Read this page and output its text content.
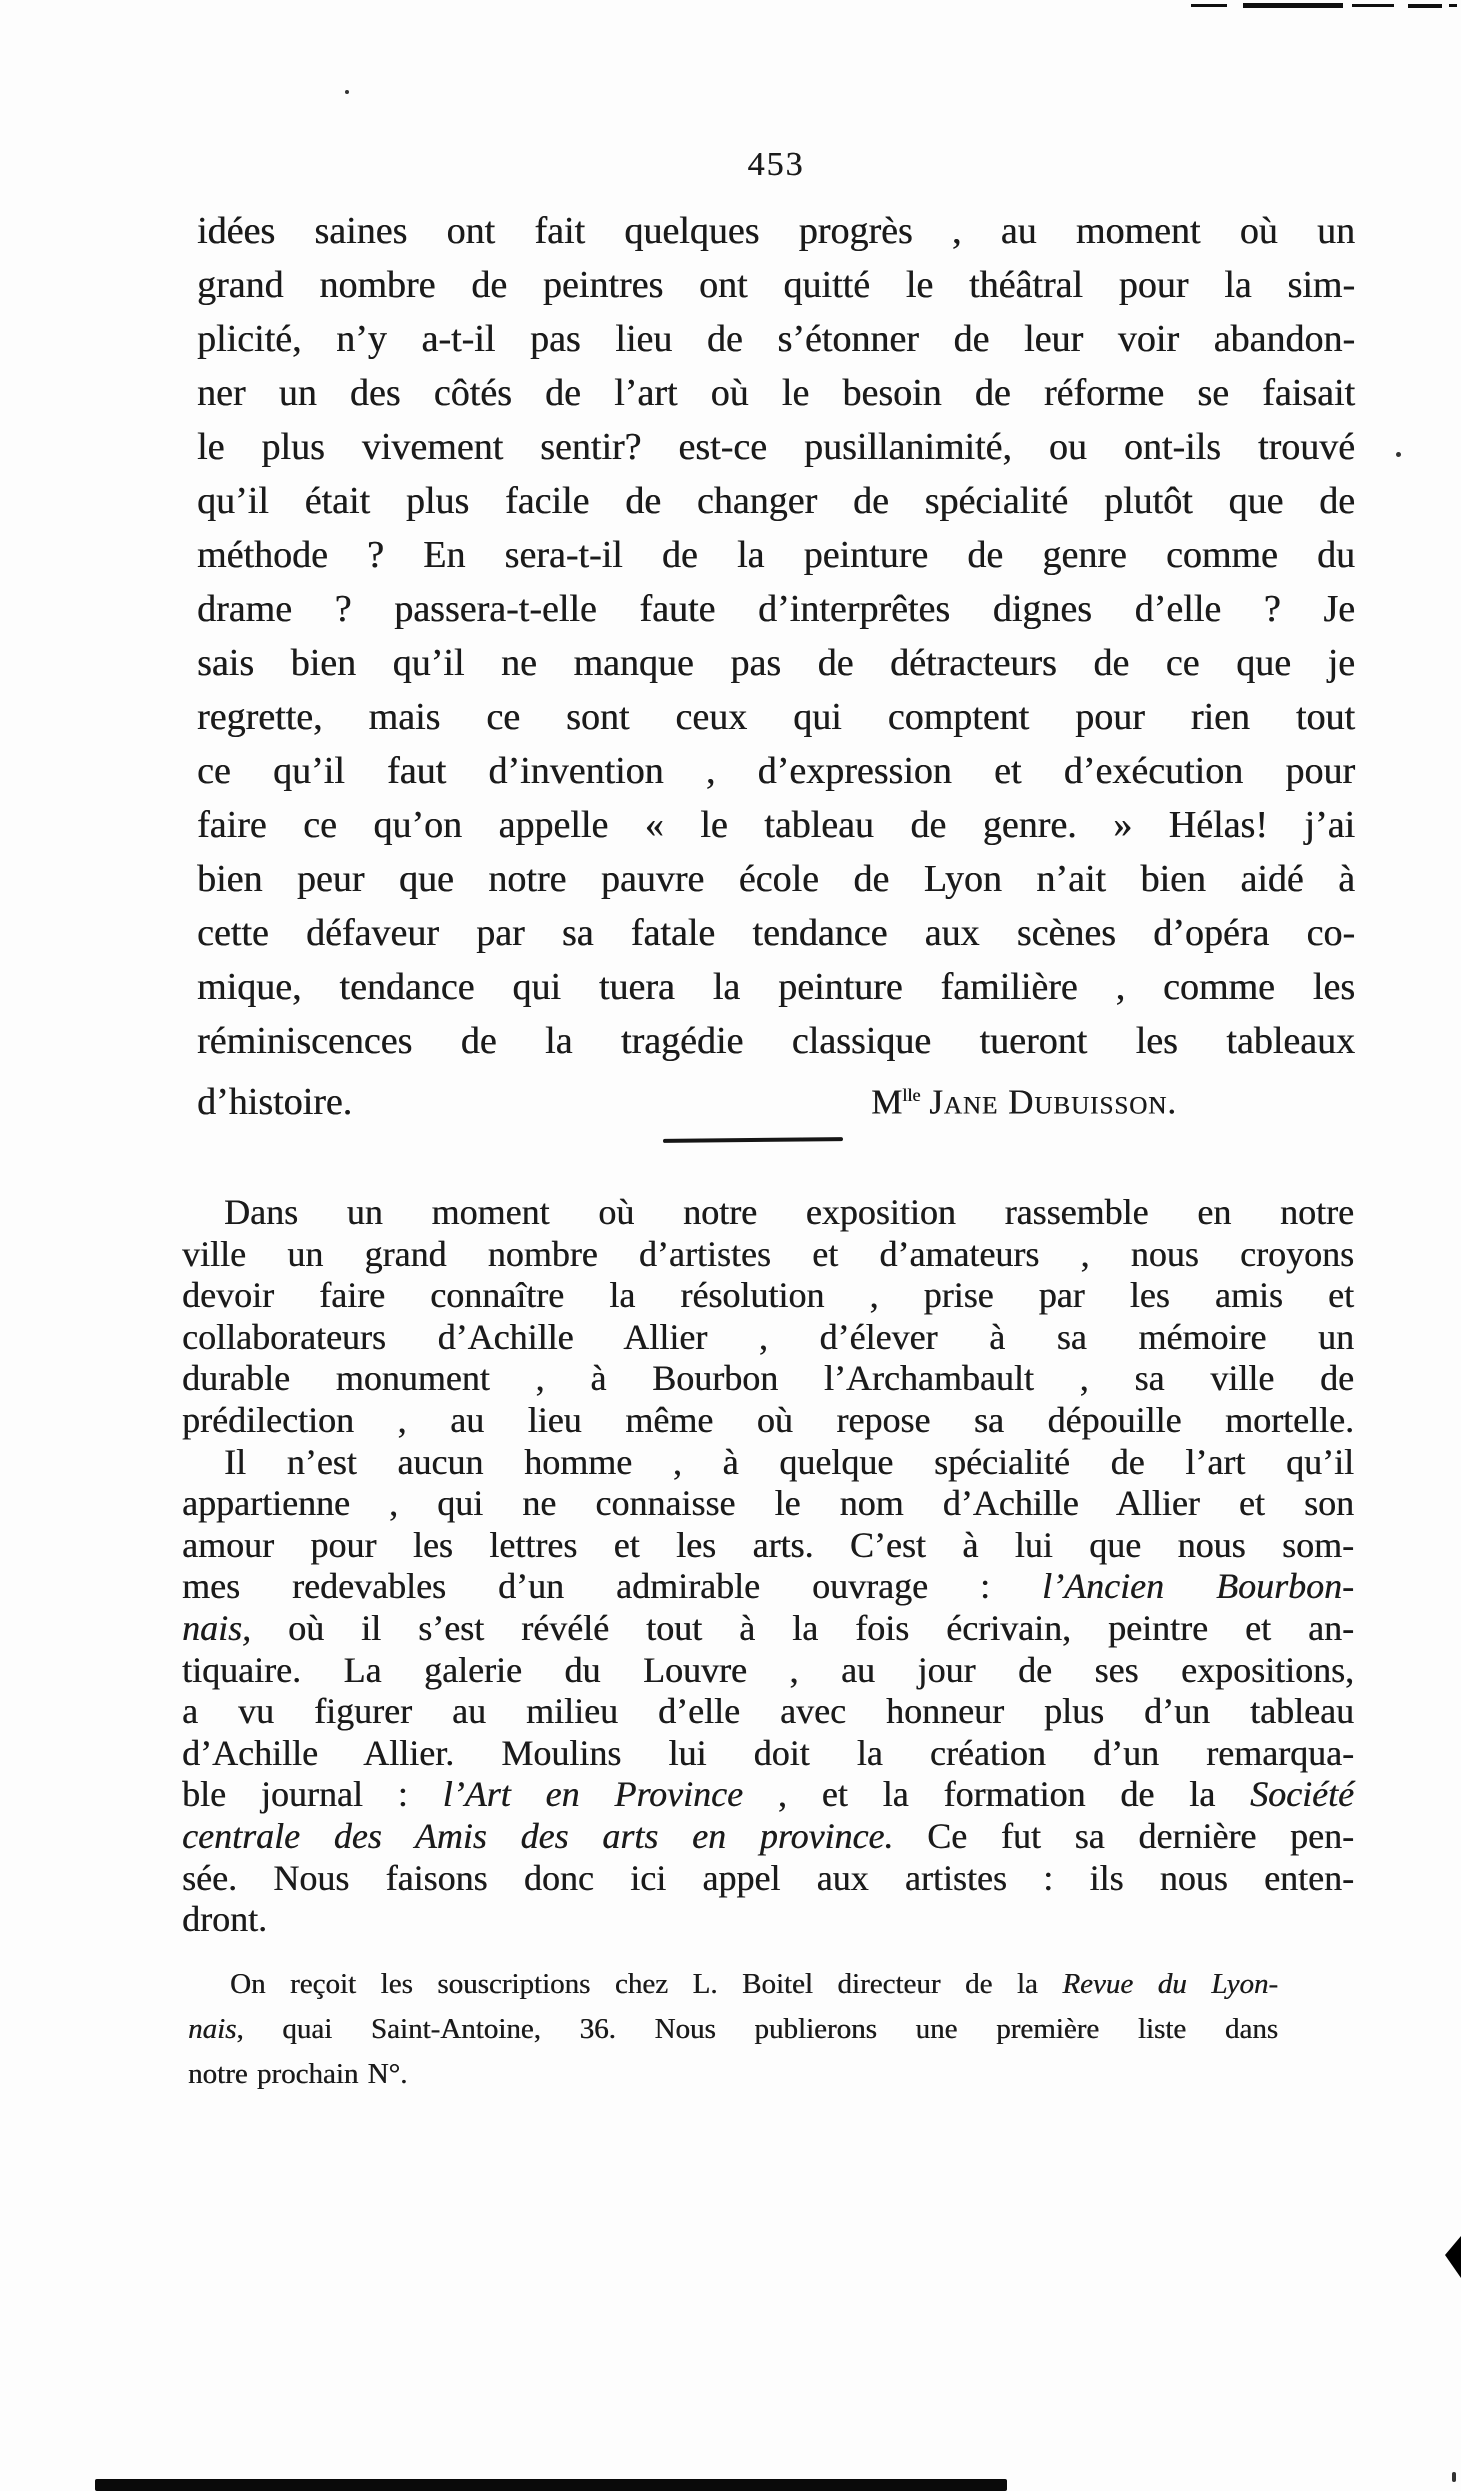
453
idées saines ont fait quelques progrès , au moment où un
grand nombre de peintres ont quitté le théâtral pour la sim-
plicité, n’y a-t-il pas lieu de s’étonner de leur voir abandon-
ner un des côtés de l’art où le besoin de réforme se faisait
le plus vivement sentir? est-ce pusillanimité, ou ont-ils trouvé
qu’il était plus facile de changer de spécialité plutôt que de
méthode ? En sera-t-il de la peinture de genre comme du
drame ? passera-t-elle faute d’interprêtes dignes d’elle ? Je
sais bien qu’il ne manque pas de détracteurs de ce que je
regrette, mais ce sont ceux qui comptent pour rien tout
ce qu’il faut d’invention , d’expression et d’exécution pour
faire ce qu’on appelle « le tableau de genre. » Hélas! j’ai
bien peur que notre pauvre école de Lyon n’ait bien aidé à
cette défaveur par sa fatale tendance aux scènes d’opéra co-
mique, tendance qui tuera la peinture familière , comme les
réminiscences de la tragédie classique tueront les tableaux
d’histoire.	$M^{lle}$ Jane Dubuisson.
Dans un moment où notre exposition rassemble en notre
ville un grand nombre d’artistes et d’amateurs , nous croyons
devoir faire connaître la résolution , prise par les amis et
collaborateurs d’Achille Allier , d’élever à sa mémoire un
durable monument , à Bourbon l’Archambault , sa ville de
prédilection , au lieu même où repose sa dépouille mortelle.
Il n’est aucun homme , à quelque spécialité de l’art qu’il
appartienne , qui ne connaisse le nom d’Achille Allier et son
amour pour les lettres et les arts. C’est à lui que nous som-
mes redevables d’un admirable ouvrage : l’Ancien Bourbon-
nais, où il s’est révélé tout à la fois écrivain, peintre et an-
tiquaire. La galerie du Louvre , au jour de ses expositions,
a vu figurer au milieu d’elle avec honneur plus d’un tableau
d’Achille Allier. Moulins lui doit la création d’un remarqua-
ble journal : l’Art en Province , et la formation de la Société
centrale des Amis des arts en province. Ce fut sa dernière pen-
sée. Nous faisons donc ici appel aux artistes : ils nous enten-
dront.
On reçoit les souscriptions chez L. Boitel directeur de la Revue du Lyon-
nais, quai Saint-Antoine, 36. Nous publierons une première liste dans
notre prochain N°.
